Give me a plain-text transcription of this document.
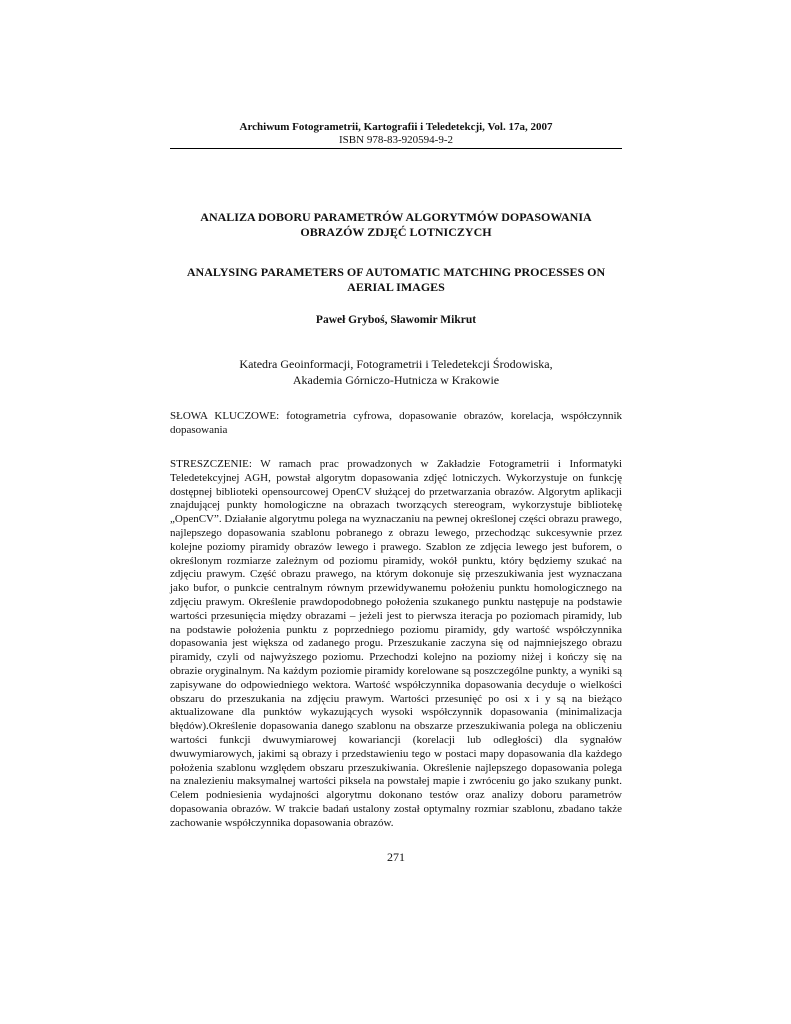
Archiwum Fotogrametrii, Kartografii i Teledetekcji, Vol. 17a, 2007
ISBN 978-83-920594-9-2
ANALIZA DOBORU PARAMETRÓW ALGORYTMÓW DOPASOWANIA
OBRAZÓW ZDJĘĆ LOTNICZYCH
ANALYSING PARAMETERS OF AUTOMATIC MATCHING PROCESSES ON
AERIAL IMAGES
Paweł Gryboś, Sławomir Mikrut
Katedra Geoinformacji, Fotogrametrii i Teledetekcji Środowiska,
Akademia Górniczo-Hutnicza w Krakowie
SŁOWA KLUCZOWE: fotogrametria cyfrowa, dopasowanie obrazów, korelacja, współczynnik dopasowania
STRESZCZENIE: W ramach prac prowadzonych w Zakładzie Fotogrametrii i Informatyki Teledetekcyjnej AGH, powstał algorytm dopasowania zdjęć lotniczych. Wykorzystuje on funkcję dostępnej biblioteki opensourcowej OpenCV służącej do przetwarzania obrazów. Algorytm aplikacji znajdującej punkty homologiczne na obrazach tworzących stereogram, wykorzystuje bibliotekę „OpenCV”. Działanie algorytmu polega na wyznaczaniu na pewnej określonej części obrazu prawego, najlepszego dopasowania szablonu pobranego z obrazu lewego, przechodząc sukcesywnie przez kolejne poziomy piramidy obrazów lewego i prawego. Szablon ze zdjęcia lewego jest buforem, o określonym rozmiarze zależnym od poziomu piramidy, wokół punktu, który będziemy szukać na zdjęciu prawym. Część obrazu prawego, na którym dokonuje się przeszukiwania jest wyznaczana jako bufor, o punkcie centralnym równym przewidywanemu położeniu punktu homologicznego na zdjęciu prawym. Określenie prawdopodobnego położenia szukanego punktu następuje na podstawie wartości przesunięcia między obrazami – jeżeli jest to pierwsza iteracja po poziomach piramidy, lub na podstawie położenia punktu z poprzedniego poziomu piramidy, gdy wartość współczynnika dopasowania jest większa od zadanego progu. Przeszukanie zaczyna się od najmniejszego obrazu piramidy, czyli od najwyższego poziomu. Przechodzi kolejno na poziomy niżej i kończy się na obrazie oryginalnym. Na każdym poziomie piramidy korelowane są poszczególne punkty, a wyniki są zapisywane do odpowiedniego wektora. Wartość współczynnika dopasowania decyduje o wielkości obszaru do przeszukania na zdjęciu prawym. Wartości przesunięć po osi x i y są na bieżąco aktualizowane dla punktów wykazujących wysoki współczynnik dopasowania (minimalizacja błędów).Określenie dopasowania danego szablonu na obszarze przeszukiwania polega na obliczeniu wartości funkcji dwuwymiarowej kowariancji (korelacji lub odległości) dla sygnałów dwuwymiarowych, jakimi są obrazy i przedstawieniu tego w postaci mapy dopasowania dla każdego położenia szablonu względem obszaru przeszukiwania. Określenie najlepszego dopasowania polega na znalezieniu maksymalnej wartości piksela na powstałej mapie i zwróceniu go jako szukany punkt. Celem podniesienia wydajności algorytmu dokonano testów oraz analizy doboru parametrów dopasowania obrazów. W trakcie badań ustalony został optymalny rozmiar szablonu, zbadano także zachowanie współczynnika dopasowania obrazów.
271
